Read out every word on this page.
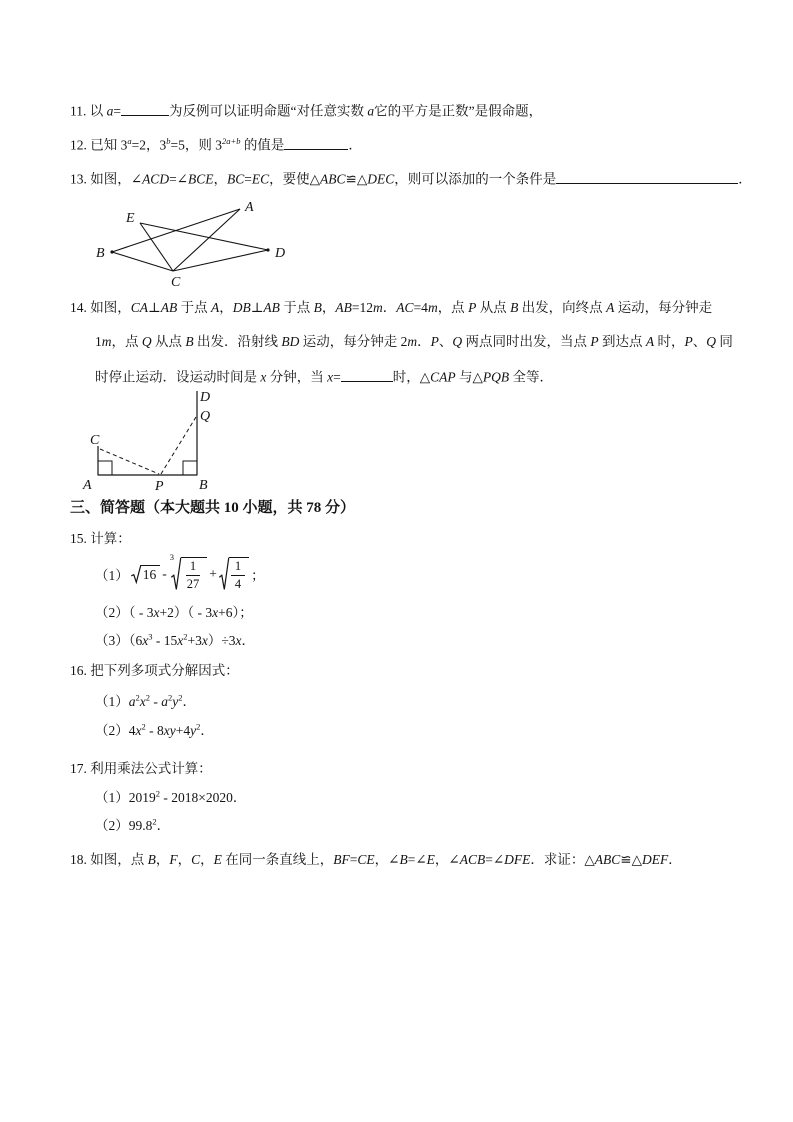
11. 以 a=	为反例可以证明命题“对任意实数 a它的平方是正数”是假命题，
12. 已知 $3^a=2$，$3^b=5$，则 $3^{2a+b}$ 的值是	．
13. 如图，∠ACD=∠BCE，BC=EC，要使△ABC≌△DEC，则可以添加的一个条件是	．
E
A
B	D
C
14. 如图，CA⊥AB 于点 A，DB⊥AB 于点 B，AB=12m．AC=4m，点 P 从点 B 出发，向终点 A 运动，每分钟走
1m，点 Q 从点 B 出发．沿射线 BD 运动，每分钟走 2m．P、Q 两点同时出发，当点 P 到达点 A 时，P、Q 同
时停止运动．设运动时间是 x 分钟，当 x=	时，△CAP 与△PQB 全等．
A	B
C
D
P
Q
三、简答题（本大题共 10 小题，共 78 分）
15. 计算：
（1）	16 -
3
$\frac{1}{27} + \frac{1}{4}$ ；
（2）（ - 3x+2）（ - 3x+6）；
$(3)(6x^3 - 15x^2+3x)\div 3x$．
16. 把下列多项式分解因式：
$(1)a^2x^2 - a^2y^2$．
$(2)4x^2 - 8xy+4y^2$．
17. 利用乘法公式计算：
（1）2019$^2$ - 2018×2020．
（2）99.8$^2$．
18. 如图，点 B，F，C，E 在同一条直线上，BF=CE，∠B=∠E，∠ACB=∠DFE．求证：△ABC≌△DEF．
